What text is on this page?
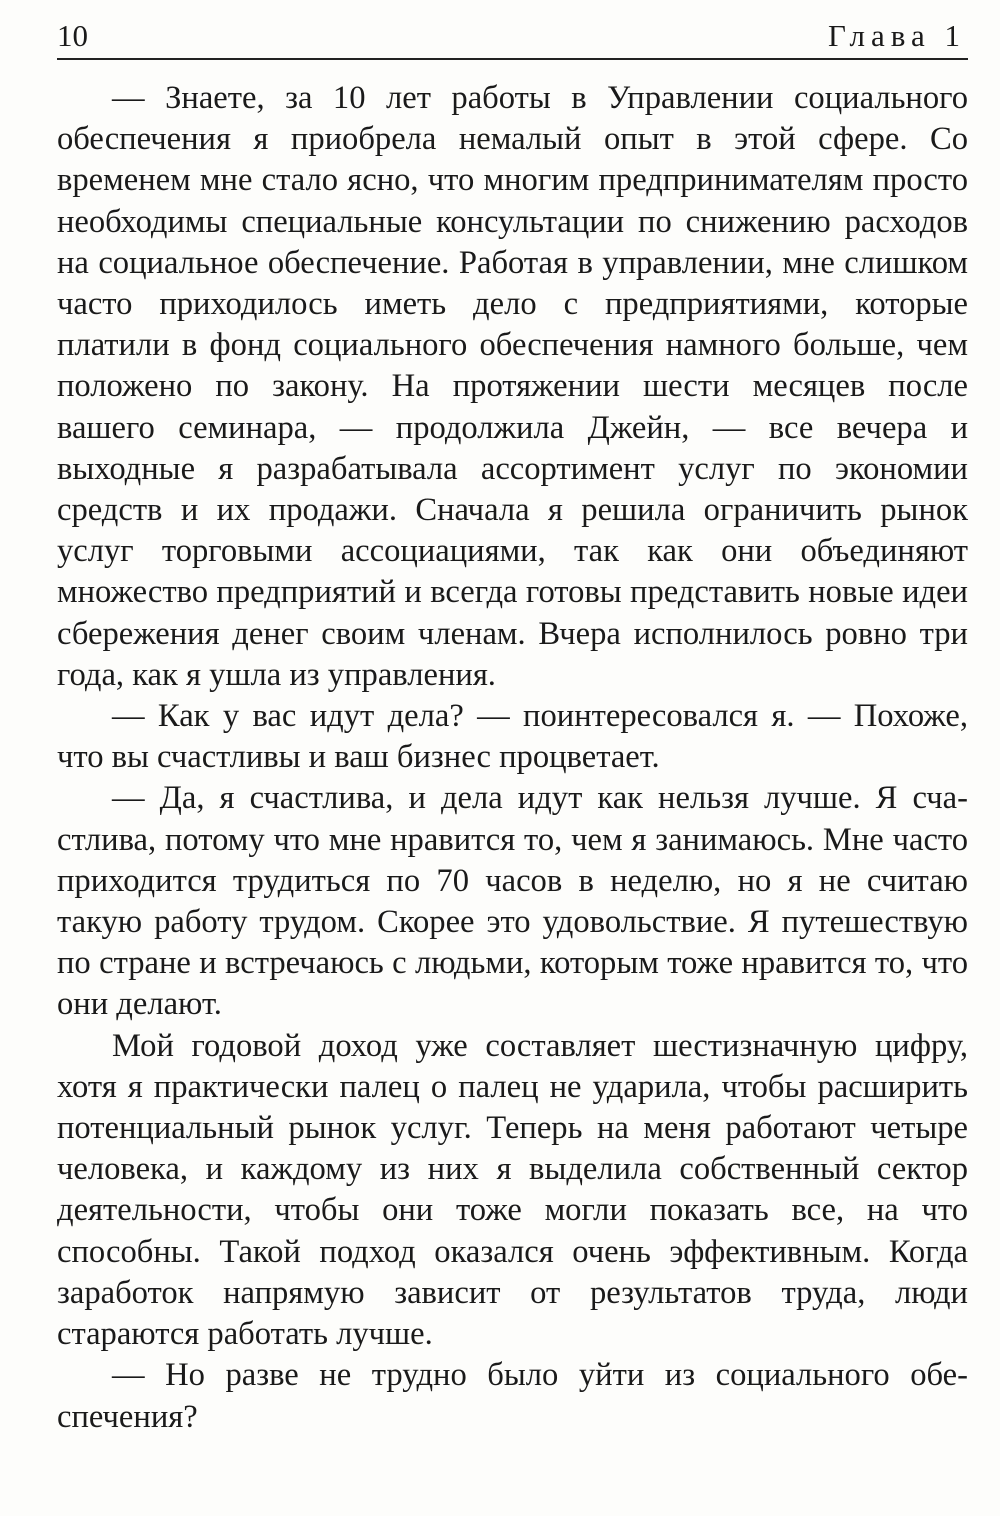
10	Глава 1

— Знаете, за 10 лет работы в Управлении социального обеспечения я приобрела немалый опыт в этой сфере. Со временем мне стало ясно, что многим предпринимателям просто необходимы специальные консультации по снижению расходов на социальное обеспечение. Работая в управлении, мне слишком часто приходилось иметь дело с предприятиями, которые платили в фонд социального обеспечения намного больше, чем положено по закону. На протяжении шести месяцев после вашего семинара, — продолжила Джейн, — все вечера и выходные я разрабатывала ассортимент услуг по экономии средств и их продажи. Сначала я решила ограничить рынок услуг торговыми ассоциациями, так как они объединяют множество предприятий и всегда готовы представить новые идеи сбережения денег своим членам. Вчера исполнилось ровно три года, как я ушла из управления.

— Как у вас идут дела? — поинтересовался я. — Похоже, что вы счастливы и ваш бизнес процветает.

— Да, я счастлива, и дела идут как нельзя лучше. Я счастлива, потому что мне нравится то, чем я занимаюсь. Мне часто приходится трудиться по 70 часов в неделю, но я не считаю такую работу трудом. Скорее это удовольствие. Я путешествую по стране и встречаюсь с людьми, которым тоже нравится то, что они делают.

Мой годовой доход уже составляет шестизначную цифру, хотя я практически палец о палец не ударила, чтобы расширить потенциальный рынок услуг. Теперь на меня работают четыре человека, и каждому из них я выделила собственный сектор деятельности, чтобы они тоже могли показать все, на что способны. Такой подход оказался очень эффективным. Когда заработок напрямую зависит от результатов труда, люди стараются работать лучше.

— Но разве не трудно было уйти из социального обеспечения?
